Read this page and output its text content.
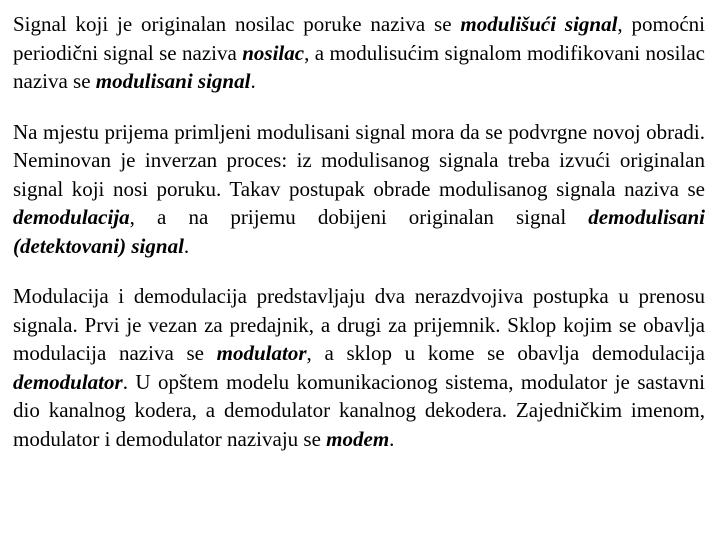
Signal koji je originalan nosilac poruke naziva se modulišući signal, pomoćni periodični signal se naziva nosilac, a modulisućim signalom modifikovani nosilac naziva se modulisani signal.

Na mjestu prijema primljeni modulisani signal mora da se podvrgne novoj obradi. Neminovan je inverzan proces: iz modulisanog signala treba izvući originalan signal koji nosi poruku. Takav postupak obrade modulisanog signala naziva se demodulacija, a na prijemu dobijeni originalan signal demodulisani (detektovani) signal.

Modulacija i demodulacija predstavljaju dva nerazdvojiva postupka u prenosu signala. Prvi je vezan za predajnik, a drugi za prijemnik. Sklop kojim se obavlja modulacija naziva se modulator, a sklop u kome se obavlja demodulacija demodulator. U opštem modelu komunikacionog sistema, modulator je sastavni dio kanalnog kodera, a demodulator kanalnog dekodera. Zajedničkim imenom, modulator i demodulator nazivaju se modem.
